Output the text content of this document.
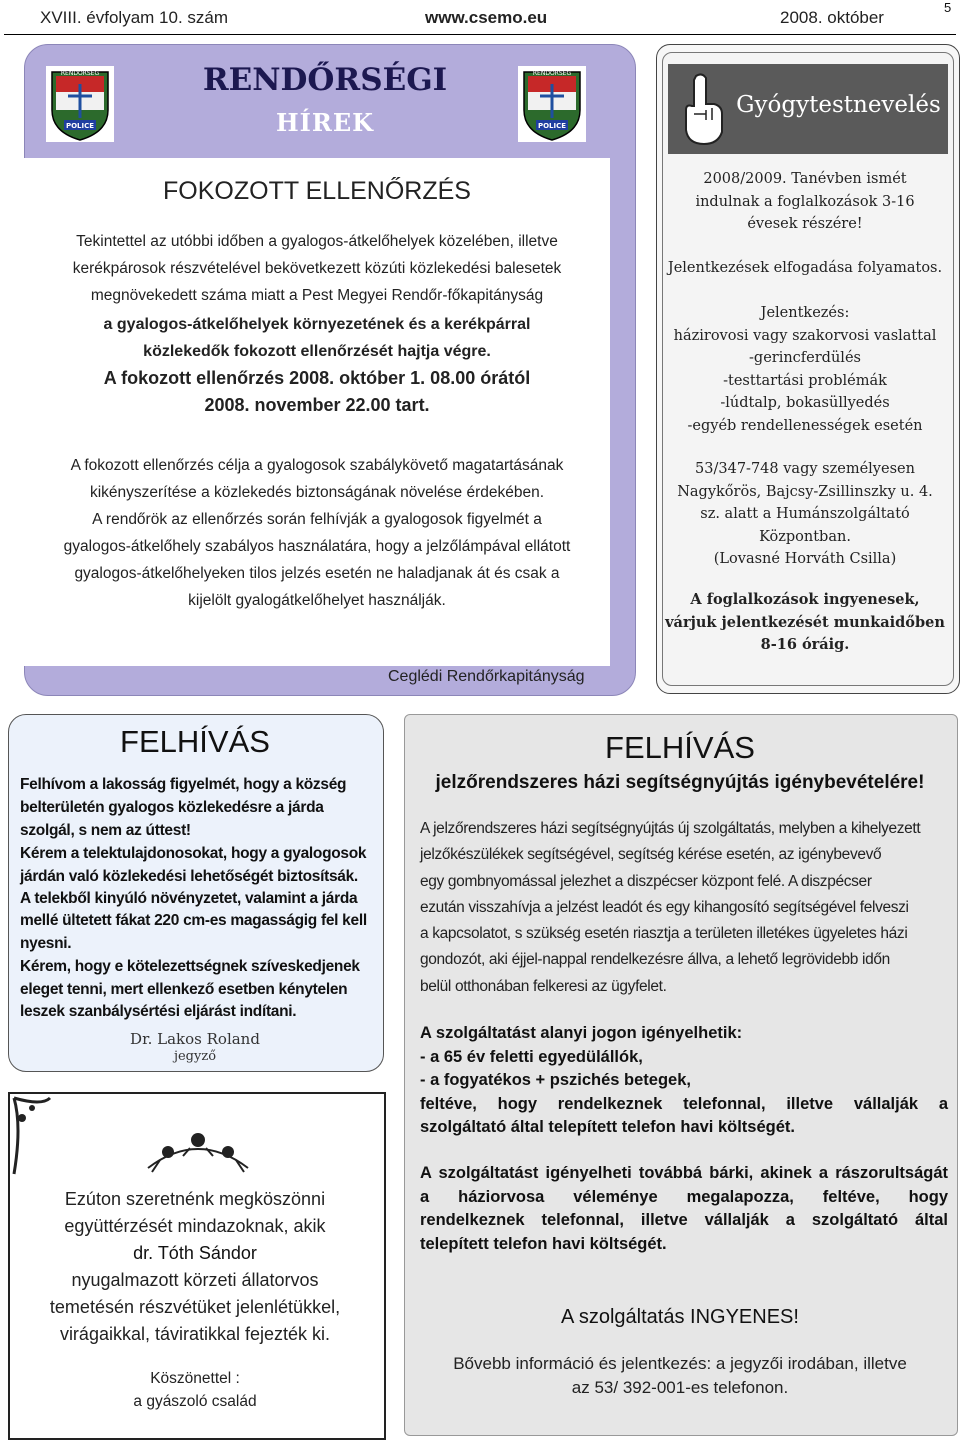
XVIII. évfolyam 10. szám	www.csemo.eu	2008. október
5
POLICE
RENDŐRSÉG
POLICE
RENDŐRSÉG
RENDŐRSÉGI
HÍREK
FOKOZOTT ELLENŐRZÉS
Tekintettel az utóbbi időben a gyalogos-átkelőhelyek közelében, illetve
kerékpárosok részvételével bekövetkezett közúti közlekedési balesetek
megnövekedett száma miatt a Pest Megyei Rendőr-főkapitányság
a gyalogos-átkelőhelyek környezetének és a kerékpárral
közlekedők fokozott ellenőrzését hajtja végre.
A fokozott ellenőrzés 2008. október 1. 08.00 órától
2008. november 22.00 tart.
A fokozott ellenőrzés célja a gyalogosok szabálykövető magatartásának
kikényszerítése a közlekedés biztonságának növelése érdekében.
A rendőrök az ellenőrzés során felhívják a gyalogosok figyelmét a
gyalogos-átkelőhely szabályos használatára, hogy a jelzőlámpával ellátott
gyalogos-átkelőhelyeken tilos jelzés esetén ne haladjanak át és csak a
kijelölt gyalogátkelőhelyet használják.
Ceglédi Rendőrkapitányság
Gyógytestnevelés
2008/2009. Tanévben ismét
indulnak a foglalkozások 3-16
évesek részére!
Jelentkezések elfogadása folyamatos.
Jelentkezés:
házirovosi vagy szakorvosi vaslattal
-gerincferdülés
-testtartási problémák
-lúdtalp, bokasüllyedés
-egyéb rendellenességek esetén
53/347-748 vagy személyesen
Nagykőrös, Bajcsy-Zsillinszky u. 4.
sz. alatt a Humánszolgáltató
Központban.
(Lovasné Horváth Csilla)
A foglalkozások ingyenesek,
várjuk jelentkezését munkaidőben
8-16 óráig.
FELHÍVÁS
Felhívom a lakosság figyelmét, hogy a község
belterületén gyalogos közlekedésre a járda
szolgál, s nem az úttest!
Kérem a telektulajdonosokat, hogy a gyalogosok
járdán való közlekedési lehetőségét biztosítsák.
A telekből kinyúló növényzetet, valamint a járda
mellé ültetett fákat 220 cm-es magasságig fel kell
nyesni.
Kérem, hogy e kötelezettségnek szíveskedjenek
eleget tenni, mert ellenkező esetben kénytelen
leszek szanbálysértési eljárást indítani.
Dr. Lakos Roland
jegyző
Ezúton szeretnénk megköszönni
együttérzését mindazoknak, akik
dr. Tóth Sándor
nyugalmazott körzeti állatorvos
temetésén részvétüket jelenlétükkel,
virágaikkal, táviratikkal fejezték ki.
Köszönettel :
a gyászoló család
FELHÍVÁS
jelzőrendszeres házi segítségnyújtás igénybevételére!
A jelzőrendszeres házi segítségnyújtás új szolgáltatás, melyben a kihelyezett
jelzőkészülékek segítségével, segítség kérése esetén, az igénybevevő
egy gombnyomással jelezhet a diszpécser központ felé. A diszpécser
ezután visszahívja a jelzést leadót és egy kihangosító segítségével felveszi
a kapcsolatot, s szükség esetén riasztja a területen illetékes ügyeletes házi
gondozót, aki éjjel-nappal rendelkezésre állva, a lehető legrövidebb időn
belül otthonában felkeresi az ügyfelet.
A szolgáltatást alanyi jogon igényelhetik:
- a 65 év feletti egyedülállók,
- a fogyatékos + pszichés betegek,
feltéve, hogy rendelkeznek telefonnal, illetve vállalják a
szolgáltató által telepített telefon havi költségét.
A szolgáltatást igényelheti továbbá bárki, akinek a rászorultságát
a háziorvosa véleménye megalapozza, feltéve, hogy
rendelkeznek telefonnal, illetve vállalják a szolgáltató által
telepített telefon havi költségét.
A szolgáltatás INGYENES!
Bővebb információ és jelentkezés: a jegyzői irodában, illetve
az 53/ 392-001-es telefonon.
